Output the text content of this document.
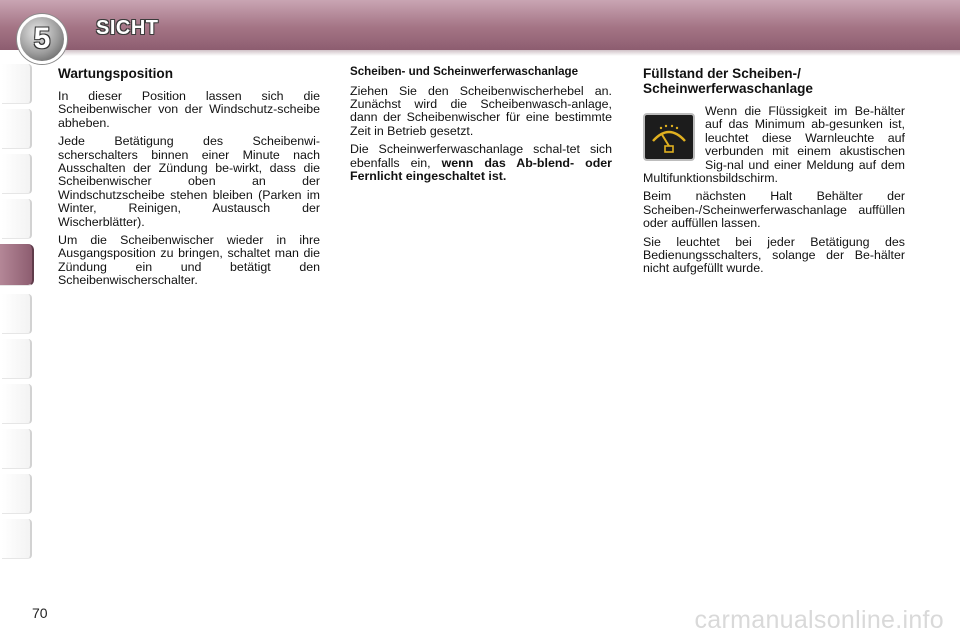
5 SICHT
Wartungsposition

In dieser Position lassen sich die Scheibenwischer von der Windschutz-scheibe abheben.

Jede Betätigung des Scheibenwi-scherschalters binnen einer Minute nach Ausschalten der Zündung be-wirkt, dass die Scheibenwischer oben an der Windschutzscheibe stehen bleiben (Parken im Winter, Reinigen, Austausch der Wischerblätter).

Um die Scheibenwischer wieder in ihre Ausgangsposition zu bringen, schaltet man die Zündung ein und betätigt den Scheibenwischerschalter.

Scheiben- und Scheinwerferwaschanlage

Ziehen Sie den Scheibenwischerhebel an. Zunächst wird die Scheibenwasch-anlage, dann der Scheibenwischer für eine bestimmte Zeit in Betrieb gesetzt.

Die Scheinwerferwaschanlage schal-tet sich ebenfalls ein, wenn das Ab-blend- oder Fernlicht eingeschaltet ist.

Füllstand der Scheiben-/ Scheinwerferwaschanlage

Wenn die Flüssigkeit im Be-hälter auf das Minimum ab-gesunken ist, leuchtet diese Warnleuchte auf verbunden mit einem akustischen Sig-nal und einer Meldung auf dem Multifunktionsbildschirm.

Beim nächsten Halt Behälter der Scheiben-/Scheinwerferwaschanlage auffüllen oder auffüllen lassen.

Sie leuchtet bei jeder Betätigung des Bedienungsschalters, solange der Be-hälter nicht aufgefüllt wurde.

70	carmanualsonline.info
